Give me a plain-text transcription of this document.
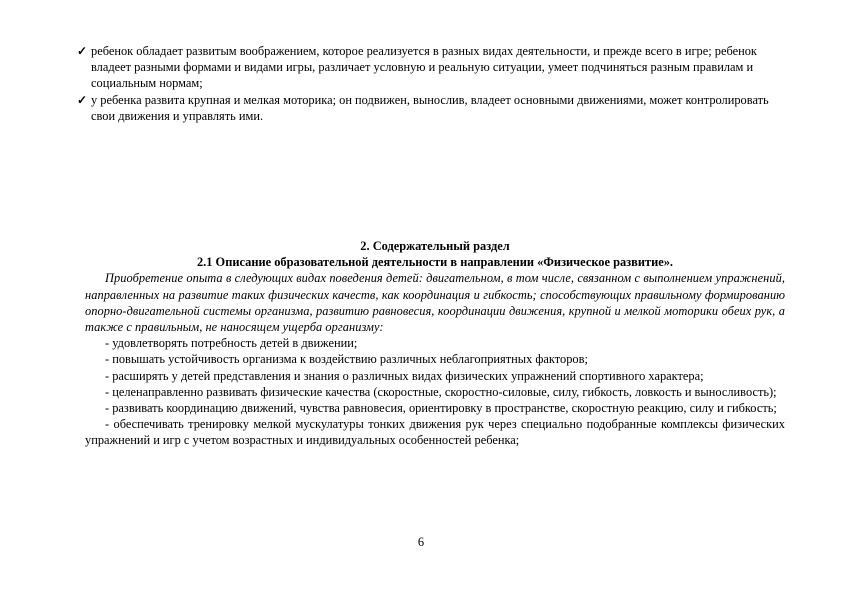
✓ ребенок обладает развитым воображением, которое реализуется в разных видах деятельности, и прежде всего в игре; ребенок владеет разными формами и видами игры, различает условную и реальную ситуации, умеет подчиняться разным правилам и социальным нормам;
✓ у ребенка развита крупная и мелкая моторика; он подвижен, вынослив, владеет основными движениями, может контролировать свои движения и управлять ими.
2. Содержательный раздел
2.1 Описание образовательной деятельности в направлении «Физическое развитие».

Приобретение опыта в следующих видах поведения детей: двигательном, в том числе, связанном с выполнением упражнений, направленных на развитие таких физических качеств, как координация и гибкость; способствующих правильному формированию опорно-двигательной системы организма, развитию равновесия, координации движения, крупной и мелкой моторики обеих рук, а также с правильным, не наносящем ущерба организму:

- удовлетворять потребность детей в движении;
- повышать устойчивость организма к воздействию различных неблагоприятных факторов;
- расширять у детей представления и знания о различных видах физических упражнений спортивного характера;
- целенаправленно развивать физические качества (скоростные, скоростно-силовые, силу, гибкость, ловкость и выносливость);
- развивать координацию движений, чувства равновесия, ориентировку в пространстве, скоростную реакцию, силу и гибкость;
- обеспечивать тренировку мелкой мускулатуры тонких движения рук через специально подобранные комплексы физических упражнений и игр с учетом возрастных и индивидуальных особенностей ребенка;
6
